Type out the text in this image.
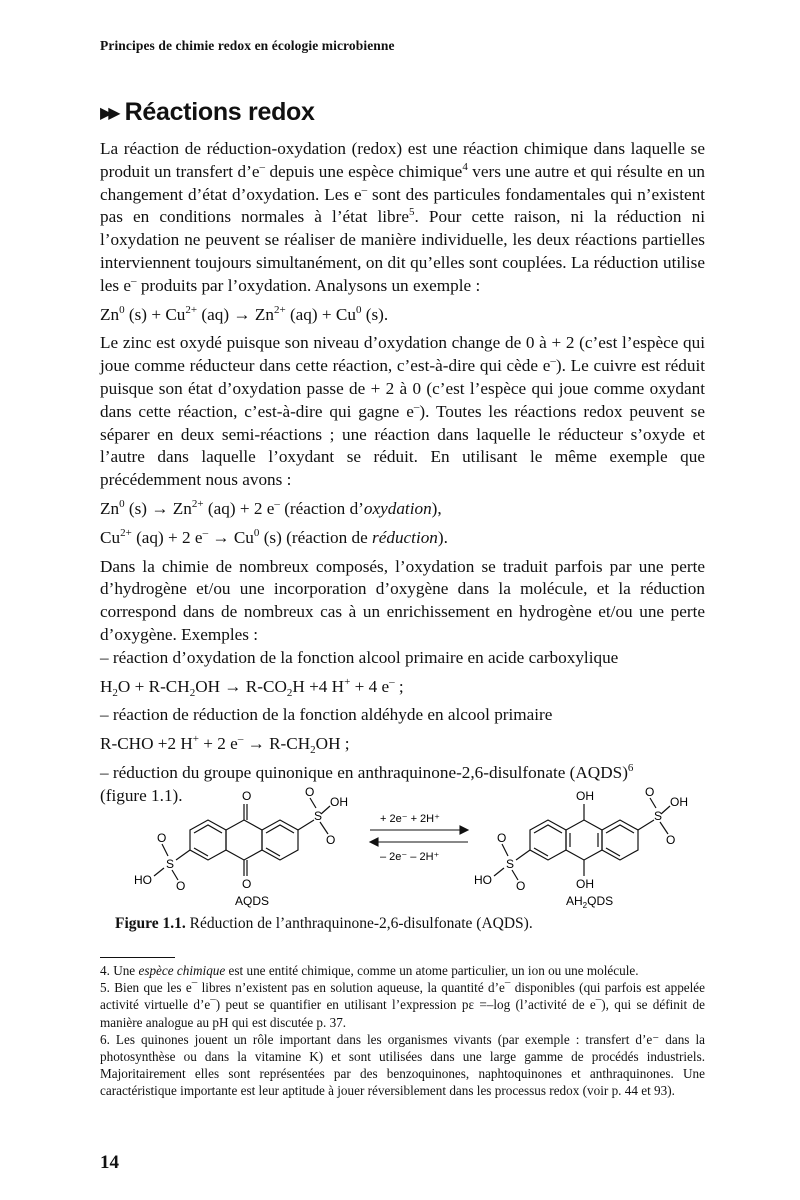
Principes de chimie redox en écologie microbienne
▶▶ Réactions redox

La réaction de réduction-oxydation (redox) est une réaction chimique dans laquelle se produit un transfert d’e– depuis une espèce chimique$^4$ vers une autre et qui résulte en un changement d’état d’oxydation. Les e– sont des particules fondamentales qui n’existent pas en conditions normales à l’état libre$^5$. Pour cette raison, ni la réduction ni l’oxydation ne peuvent se réaliser de manière individuelle, les deux réactions partielles interviennent toujours simultanément, on dit qu’elles sont couplées. La réduction utilise les e– produits par l’oxydation. Analysons un exemple :

Zn$^0$ $(s) + Cu^{2+}$ $(aq) \to Zn^{2+}$ $(aq) + Cu^0$ (s).

Le zinc est oxydé puisque son niveau d’oxydation change de 0 à + 2 (c’est l’espèce qui joue comme réducteur dans cette réaction, c’est-à-dire qui cède e–). Le cuivre est réduit puisque son état d’oxydation passe de + 2 à 0 (c’est l’espèce qui joue comme oxydant dans cette réaction, c’est-à-dire qui gagne e–). Toutes les réactions redox peuvent se séparer en deux semi-réactions ; une réaction dans laquelle le réducteur s’oxyde et l’autre dans laquelle l’oxydant se réduit. En utilisant le même exemple que précédemment nous avons :

Zn$^0$ $(s) \to Zn^{2+}$ (aq) + 2 e– (réaction d’oxydation),

$Cu^{2+}$ (aq) + 2 $e^- \to Cu^0$ (s) (réaction de réduction).

Dans la chimie de nombreux composés, l’oxydation se traduit parfois par une perte d’hydrogène et/ou une incorporation d’oxygène dans la molécule, et la réduction correspond dans de nombreux cas à un enrichissement en hydrogène et/ou une perte d’oxygène. Exemples :

– réaction d’oxydation de la fonction alcool primaire en acide carboxylique

$H_2O + R-CH_2OH \to R-CO_2H +4$ H+ + 4 e– ;

– réaction de réduction de la fonction aldéhyde en alcool primaire

R-CHO +2 H+ + 2 $e^- \to R-CH_2OH$ ;

– réduction du groupe quinonique en anthraquinone-2,6-disulfonate (AQDS)$^6$
(figure 1.1).	O
O
S
OH
O
O
S
O
O
HO
AQDS
+ 2e⁻ + 2H⁺
– 2e⁻ – 2H⁺
OH
OH
S
OH
O
O
S
O
O
HO
$AH_2QDS$
Figure 1.1. Réduction de l’anthraquinone-2,6-disulfonate (AQDS).

4. Une espèce chimique est une entité chimique, comme un atome particulier, un ion ou une molécule.

5. Bien que les e– libres n’existent pas en solution aqueuse, la quantité d’e– disponibles (qui parfois est appelée activité virtuelle d’e–) peut se quantifier en utilisant l’expression pε =–log (l’activité de e–), qui se définit de manière analogue au pH qui est discutée p. 37.

6. Les quinones jouent un rôle important dans les organismes vivants (par exemple : transfert d’e⁻ dans la photosynthèse ou dans la vitamine K) et sont utilisées dans une large gamme de procédés industriels. Majoritairement elles sont représentées par des benzoquinones, naphtoquinones et anthraquinones. Une caractéristique importante est leur aptitude à jouer réversiblement dans les processus redox (voir p. 44 et 93).

14
